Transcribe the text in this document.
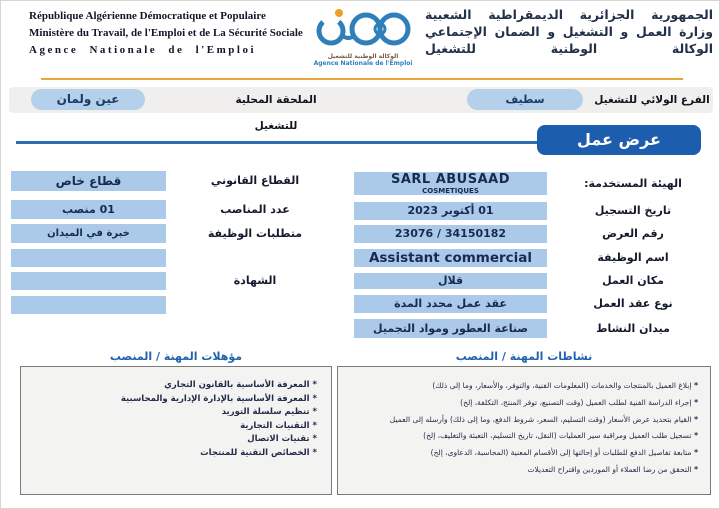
République Algérienne Démocratique et Populaire
Ministère du Travail, de l'Emploi et de La Sécurité Sociale
Agence Nationale de l'Emploi
الوكالة الوطنية للتشغيل
Agence Nationale de l'Emploi
الجمهورية الجزائرية الديمقراطية الشعبية
وزارة العمل و التشغيل و الضمان الإجتماعي
الوكالة الوطنية للتشغيل
الفرع الولائي للتشغيل
سطيف
الملحقة المحلية للتشغيل
عين ولمان
عرض عمل
الهيئة المستخدمة:
SARL ABUSAAD
COSMETIQUES
تاريخ التسجيل
01 أكتوبر 2023
رقم العرض
34150182 / 23076
اسم الوظيفة
Assistant commercial
مكان العمل
قلال
نوع عقد العمل
عقد عمل محدد المدة
ميدان النشاط
صناعة العطور ومواد التجميل
القطاع القانوني
قطاع خاص
عدد المناصب
01 منصب
متطلبات الوظيفة
خبرة في الميدان
الشهادة
مؤهلات المهنة / المنصب
* المعرفة الأساسية بالقانون التجاري
* المعرفة الأساسية بالإدارة الإدارية والمحاسبية
* تنظيم سلسلة التوريد
* التقنيات التجارية
* تقنيات الاتصال
* الخصائص التقنية للمنتجات
نشاطات المهنة / المنصب
* إبلاغ العميل بالمنتجات والخدمات (المعلومات الفنية، والتوفر، والأسعار، وما إلى ذلك)
* إجراء الدراسة الفنية لطلب العميل (وقت التصنيع، توفر المنتج، التكلفة، إلخ)
* القيام بتحديد عرض الأسعار (وقت التسليم، السعر، شروط الدفع، وما إلى ذلك) وأرسله إلى العميل
* تسجيل طلب العميل ومراقبة سير العمليات (النقل، تاريخ التسليم، التعبئة والتغليف، إلخ)
* متابعة تفاصيل الدفع للطلبات أو إحالتها إلى الأقسام المعنية (المحاسبة، الدعاوى، إلخ)
* التحقق من رضا العملاء أو الموردين واقتراح التعديلات
